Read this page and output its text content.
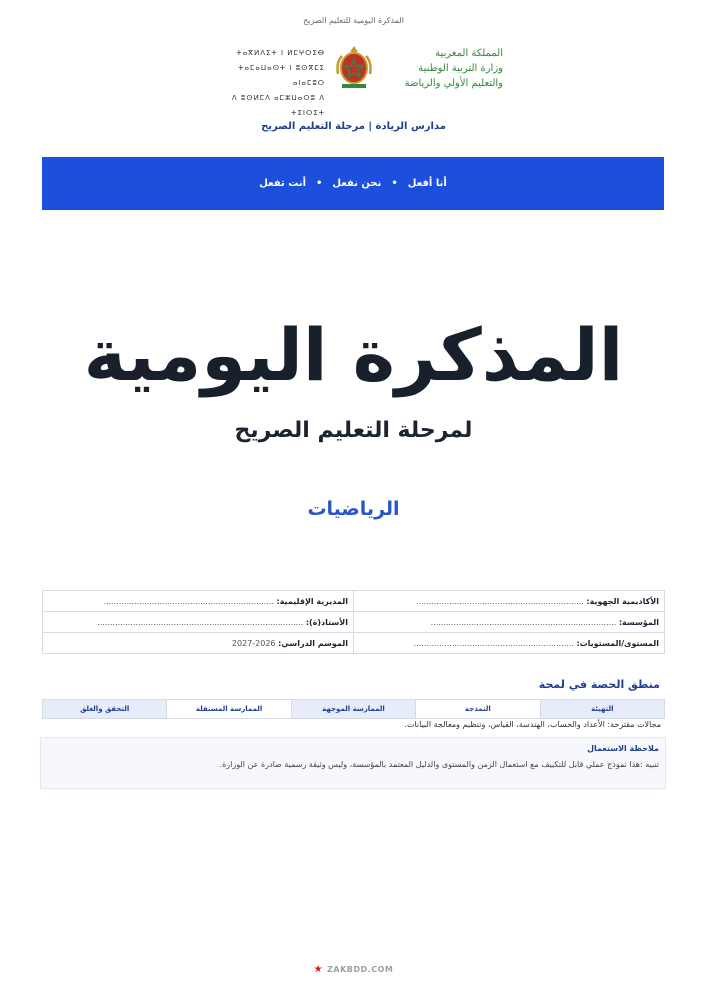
المذكرة اليومية للتعليم الصريح
ⵜⴰⴳⵍⴷⵉⵜ ⵏ ⵍⵎⵖⵔⵉⴱ
ⵜⴰⵎⴰⵡⴰⵙⵜ ⵏ ⵓⵙⴳⵎⵉ ⴰⵏⴰⵎⵓⵔ
ⴷ ⵓⵙⵍⵎⴷ ⴰⵎⵣⵡⴰⵔⵓ ⴷ ⵜⵉⵏⵔⵉⵜ
المملكة المغربية
وزارة التربية الوطنية
والتعليم الأولي والرياضة
مدارس الريادة | مرحلة التعليم الصريح
أنا أفعل
•
نحن نفعل
•
أنت تفعل
المذكرة اليومية
لمرحلة التعليم الصريح
الرياضيات
الأكاديمية الجهوية: ..................................................................	المديرية الإقليمية: ...................................................................
المؤسسة: .........................................................................	الأستاذ(ة): .................................................................................
المستوى/المستويات: ...............................................................	الموسم الدراسي: 2026-2027
منطق الحصة في لمحة
التهيئة
النمذجة
الممارسة الموجهة
الممارسة المستقلة
التحقق والغلق
مجالات مقترحة: الأعداد والحساب، الهندسة، القياس، وتنظيم ومعالجة البيانات.
ملاحظة الاستعمال
تنبيه :هذا نموذج عملي قابل للتكييف مع استعمال الزمن والمستوى والدليل المعتمد بالمؤسسة، وليس وثيقة رسمية صادرة عن الوزارة.
★ ZAKBDD.COM
